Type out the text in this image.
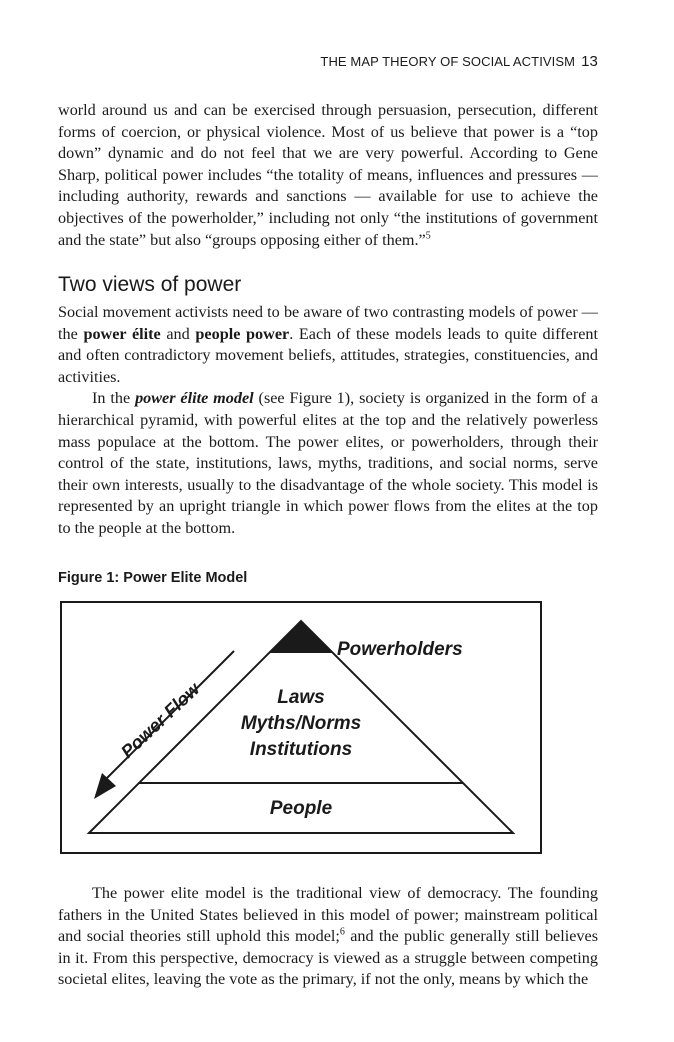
THE MAP THEORY OF SOCIAL ACTIVISM 13

world around us and can be exercised through persuasion, persecution, different forms of coercion, or physical violence. Most of us believe that power is a “top down” dynamic and do not feel that we are very powerful. According to Gene Sharp, political power includes “the totality of means, influences and pressures — including authority, rewards and sanctions — available for use to achieve the objectives of the powerholder,” including not only “the institutions of government and the state” but also “groups opposing either of them.”$^5$

Two views of power

Social movement activists need to be aware of two contrasting models of power — the power élite and people power. Each of these models leads to quite different and often contradictory movement beliefs, attitudes, strategies, constituencies, and activities.

In the power élite model (see Figure 1), society is organized in the form of a hierarchical pyramid, with powerful elites at the top and the relatively powerless mass populace at the bottom. The power elites, or powerholders, through their control of the state, institutions, laws, myths, traditions, and social norms, serve their own interests, usually to the disadvantage of the whole society. This model is represented by an upright triangle in which power flows from the elites at the top to the people at the bottom.

Figure 1: Power Elite Model
Powerholders
Laws
Myths/Norms
Institutions
People
Power Flow

The power elite model is the traditional view of democracy. The founding fathers in the United States believed in this model of power; mainstream political and social theories still uphold this model;$^6$ and the public generally still believes in it. From this perspective, democracy is viewed as a struggle between competing societal elites, leaving the vote as the primary, if not the only, means by which the
